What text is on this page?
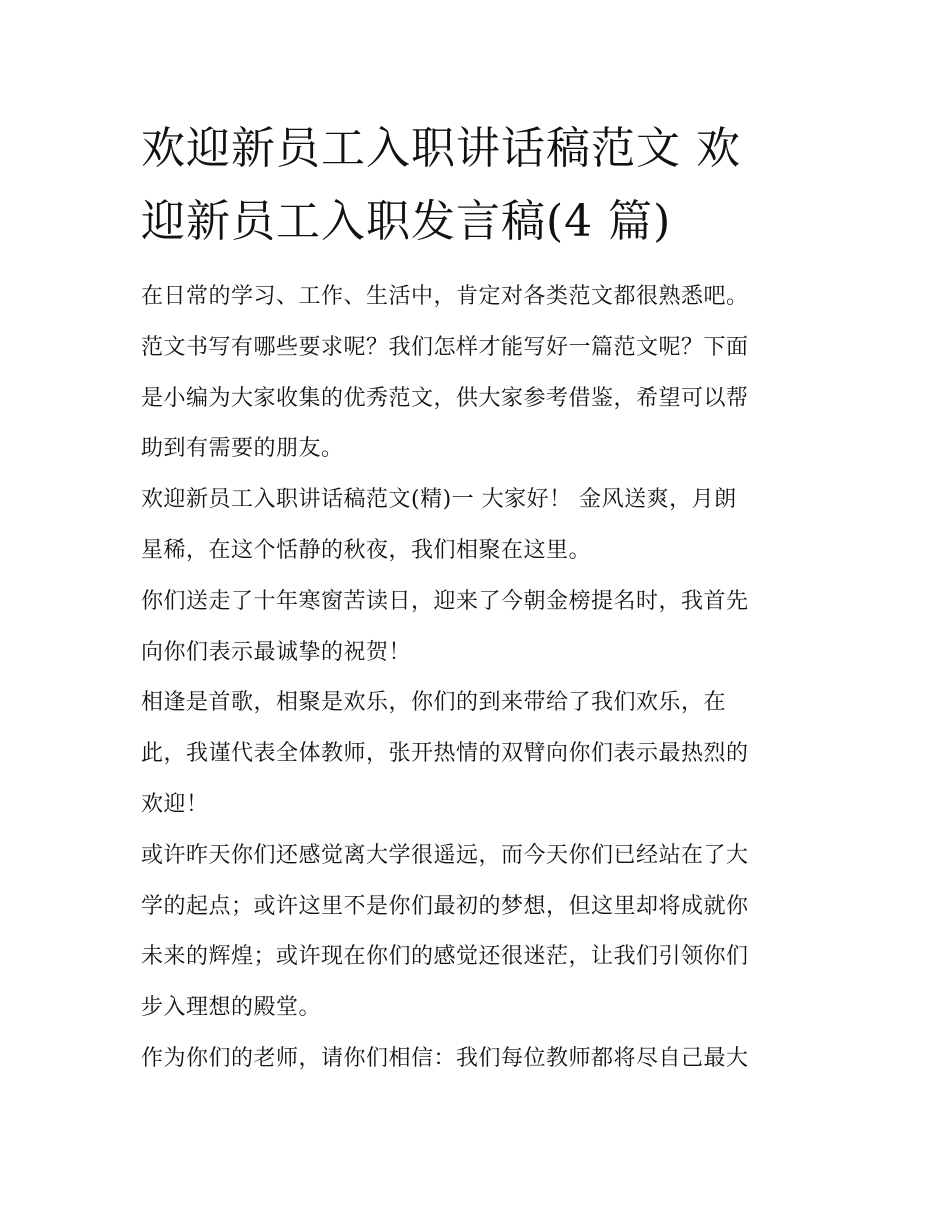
欢迎新员工入职讲话稿范文 欢
迎新员工入职发言稿(4 篇)

在日常的学习、工作、生活中，肯定对各类范文都很熟悉吧。
范文书写有哪些要求呢？我们怎样才能写好一篇范文呢？下面
是小编为大家收集的优秀范文，供大家参考借鉴，希望可以帮
助到有需要的朋友。

欢迎新员工入职讲话稿范文(精)一 大家好！ 金风送爽，月朗
星稀，在这个恬静的秋夜，我们相聚在这里。

你们送走了十年寒窗苦读日，迎来了今朝金榜提名时，我首先
向你们表示最诚挚的祝贺！

相逢是首歌，相聚是欢乐，你们的到来带给了我们欢乐，在
此，我谨代表全体教师，张开热情的双臂向你们表示最热烈的
欢迎！

或许昨天你们还感觉离大学很遥远，而今天你们已经站在了大
学的起点；或许这里不是你们最初的梦想，但这里却将成就你
未来的辉煌；或许现在你们的感觉还很迷茫，让我们引领你们
步入理想的殿堂。

作为你们的老师，请你们相信：我们每位教师都将尽自己最大
